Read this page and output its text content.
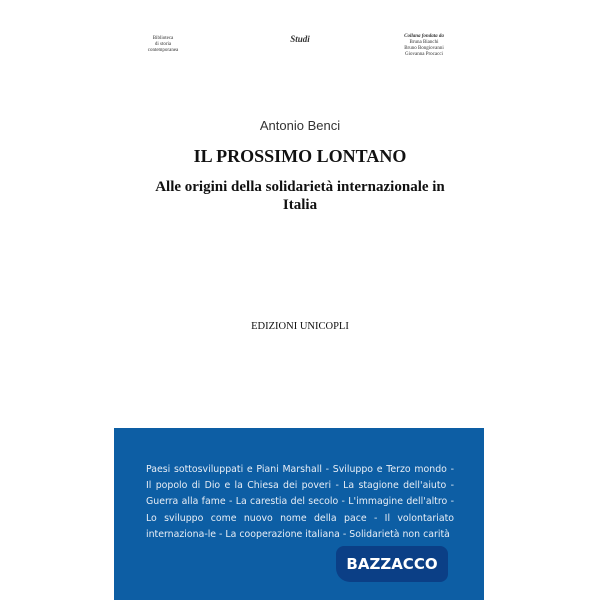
Biblioteca
di storia
contemporanea
Studi	Collana fondata da
Bruna Bianchi
Bruno Bongiovanni
Giovanna Procacci
Antonio Benci
IL PROSSIMO LONTANO
Alle origini della solidarietà internazionale in Italia
EDIZIONI UNICOPLI
Paesi sottosviluppati e Piani Marshall - Sviluppo e Terzo mondo - Il popolo di Dio e la Chiesa dei poveri - La stagione dell'aiuto - Guerra alla fame - La carestia del secolo - L'immagine dell'altro - Lo sviluppo come nuovo nome della pace - Il volontariato internaziona-le - La cooperazione italiana - Solidarietà non carità
BAZZACCO
